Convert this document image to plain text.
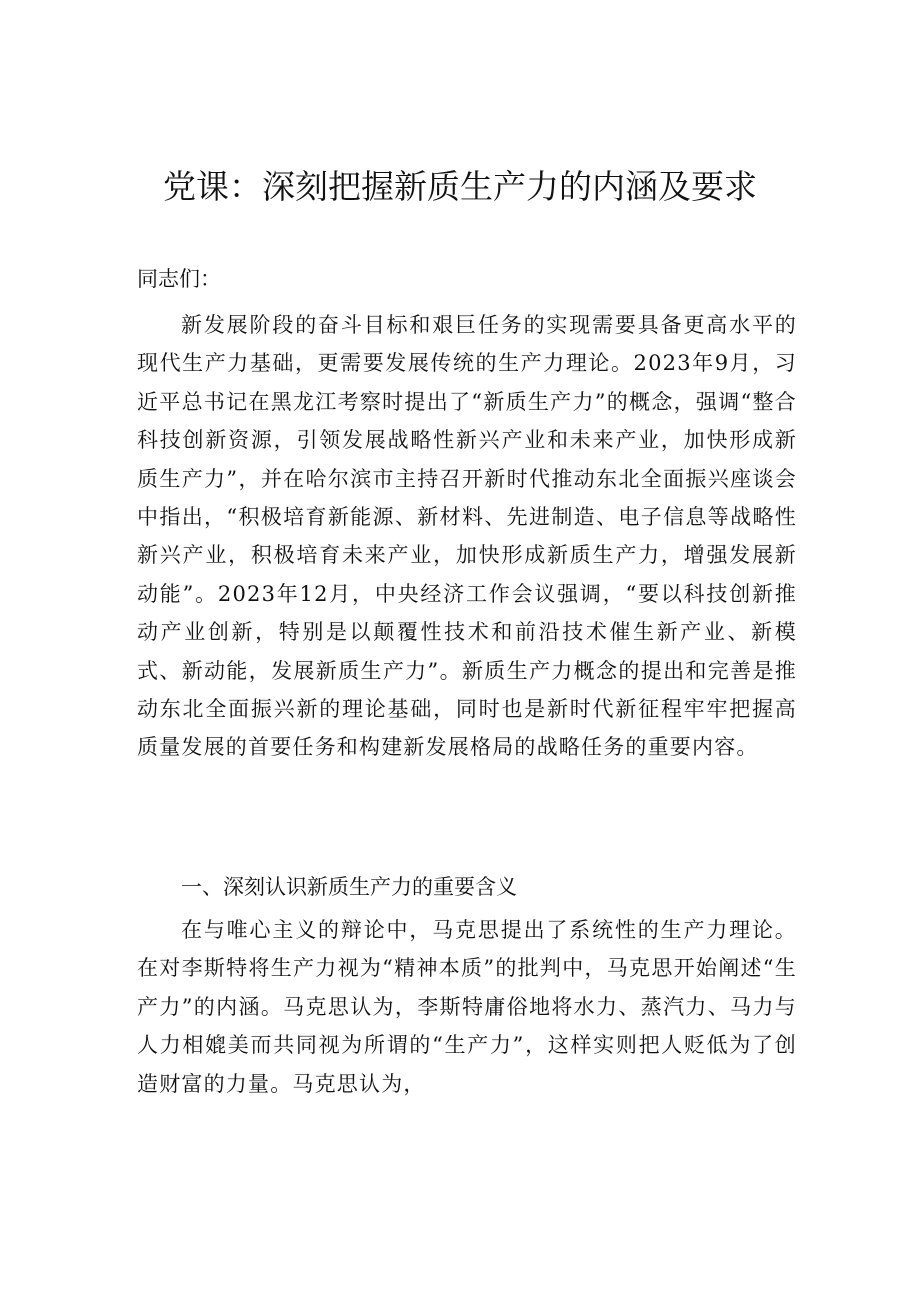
党课：深刻把握新质生产力的内涵及要求
同志们：
新发展阶段的奋斗目标和艰巨任务的实现需要具备更高水平的现代生产力基础，更需要发展传统的生产力理论。2023年9月，习近平总书记在黑龙江考察时提出了“新质生产力”的概念，强调“整合科技创新资源，引领发展战略性新兴产业和未来产业，加快形成新质生产力”，并在哈尔滨市主持召开新时代推动东北全面振兴座谈会中指出，“积极培育新能源、新材料、先进制造、电子信息等战略性新兴产业，积极培育未来产业，加快形成新质生产力，增强发展新动能”。2023年12月，中央经济工作会议强调，“要以科技创新推动产业创新，特别是以颠覆性技术和前沿技术催生新产业、新模式、新动能，发展新质生产力”。新质生产力概念的提出和完善是推动东北全面振兴新的理论基础，同时也是新时代新征程牢牢把握高质量发展的首要任务和构建新发展格局的战略任务的重要内容。
一、深刻认识新质生产力的重要含义
在与唯心主义的辩论中，马克思提出了系统性的生产力理论。在对李斯特将生产力视为“精神本质”的批判中，马克思开始阐述“生产力”的内涵。马克思认为，李斯特庸俗地将水力、蒸汽力、马力与人力相媲美而共同视为所谓的“生产力”，这样实则把人贬低为了创造财富的力量。马克思认为，
